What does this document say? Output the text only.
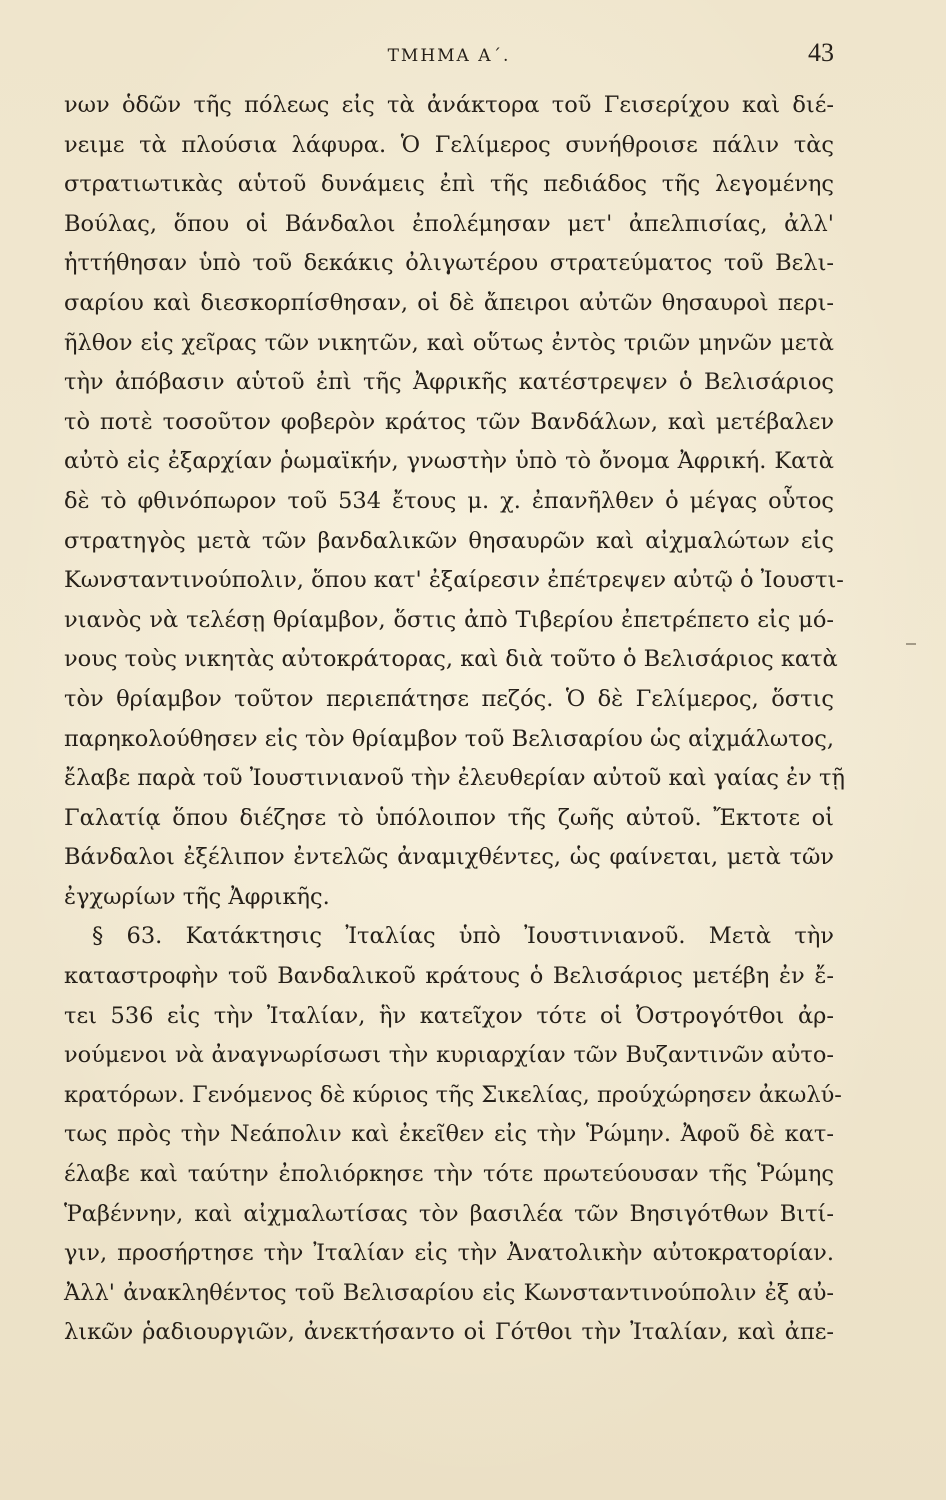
ΤΜΗΜΑ Α΄.	43
νων ὁδῶν τῆς πόλεως εἰς τὰ ἀνάκτορα τοῦ Γεισερίχου καὶ διέ-
νειμε τὰ πλούσια λάφυρα. Ὁ Γελίμερος συνήθροισε πάλιν τὰς
στρατιωτικὰς αὑτοῦ δυνάμεις ἐπὶ τῆς πεδιάδος τῆς λεγομένης
Βούλας, ὅπου οἱ Βάνδαλοι ἐπολέμησαν μετ' ἀπελπισίας, ἀλλ'
ἡττήθησαν ὑπὸ τοῦ δεκάκις ὀλιγωτέρου στρατεύματος τοῦ Βελι-
σαρίου καὶ διεσκορπίσθησαν, οἱ δὲ ἄπειροι αὐτῶν θησαυροὶ περι-
ῆλθον εἰς χεῖρας τῶν νικητῶν, καὶ οὕτως ἐντὸς τριῶν μηνῶν μετὰ
τὴν ἀπόβασιν αὑτοῦ ἐπὶ τῆς Ἀφρικῆς κατέστρεψεν ὁ Βελισάριος
τὸ ποτὲ τοσοῦτον φοβερὸν κράτος τῶν Βανδάλων, καὶ μετέβαλεν
αὐτὸ εἰς ἐξαρχίαν ῥωμαϊκήν, γνωστὴν ὑπὸ τὸ ὄνομα Ἀφρική. Κατὰ
δὲ τὸ φθινόπωρον τοῦ 534 ἔτους μ. χ. ἐπανῆλθεν ὁ μέγας οὗτος
στρατηγὸς μετὰ τῶν βανδαλικῶν θησαυρῶν καὶ αἰχμαλώτων εἰς
Κωνσταντινούπολιν, ὅπου κατ' ἐξαίρεσιν ἐπέτρεψεν αὐτῷ ὁ Ἰουστι-
νιανὸς νὰ τελέσῃ θρίαμβον, ὅστις ἀπὸ Τιβερίου ἐπετρέπετο εἰς μό-
νους τοὺς νικητὰς αὐτοκράτορας, καὶ διὰ τοῦτο ὁ Βελισάριος κατὰ
τὸν θρίαμβον τοῦτον περιεπάτησε πεζός. Ὁ δὲ Γελίμερος, ὅστις
παρηκολούθησεν εἰς τὸν θρίαμβον τοῦ Βελισαρίου ὡς αἰχμάλωτος,
ἔλαβε παρὰ τοῦ Ἰουστινιανοῦ τὴν ἐλευθερίαν αὐτοῦ καὶ γαίας ἐν τῇ
Γαλατίᾳ ὅπου διέζησε τὸ ὑπόλοιπον τῆς ζωῆς αὐτοῦ. Ἔκτοτε οἱ
Βάνδαλοι ἐξέλιπον ἐντελῶς ἀναμιχθέντες, ὡς φαίνεται, μετὰ τῶν
ἐγχωρίων τῆς Ἀφρικῆς.
§ 63. Κατάκτησις Ἰταλίας ὑπὸ Ἰουστινιανοῦ. Μετὰ τὴν
καταστροφὴν τοῦ Βανδαλικοῦ κράτους ὁ Βελισάριος μετέβη ἐν ἔ-
τει 536 εἰς τὴν Ἰταλίαν, ἣν κατεῖχον τότε οἱ Ὀστρογότθοι ἀρ-
νούμενοι νὰ ἀναγνωρίσωσι τὴν κυριαρχίαν τῶν Βυζαντινῶν αὐτο-
κρατόρων. Γενόμενος δὲ κύριος τῆς Σικελίας, προύχώρησεν ἀκωλύ-
τως πρὸς τὴν Νεάπολιν καὶ ἐκεῖθεν εἰς τὴν Ῥώμην. Ἀφοῦ δὲ κατ-
έλαβε καὶ ταύτην ἐπολιόρκησε τὴν τότε πρωτεύουσαν τῆς Ῥώμης
Ῥαβέννην, καὶ αἰχμαλωτίσας τὸν βασιλέα τῶν Βησιγότθων Βιτί-
γιν, προσήρτησε τὴν Ἰταλίαν εἰς τὴν Ἀνατολικὴν αὐτοκρατορίαν.
Ἀλλ' ἀνακληθέντος τοῦ Βελισαρίου εἰς Κωνσταντινούπολιν ἐξ αὐ-
λικῶν ῥαδιουργιῶν, ἀνεκτήσαντο οἱ Γότθοι τὴν Ἰταλίαν, καὶ ἀπε-
